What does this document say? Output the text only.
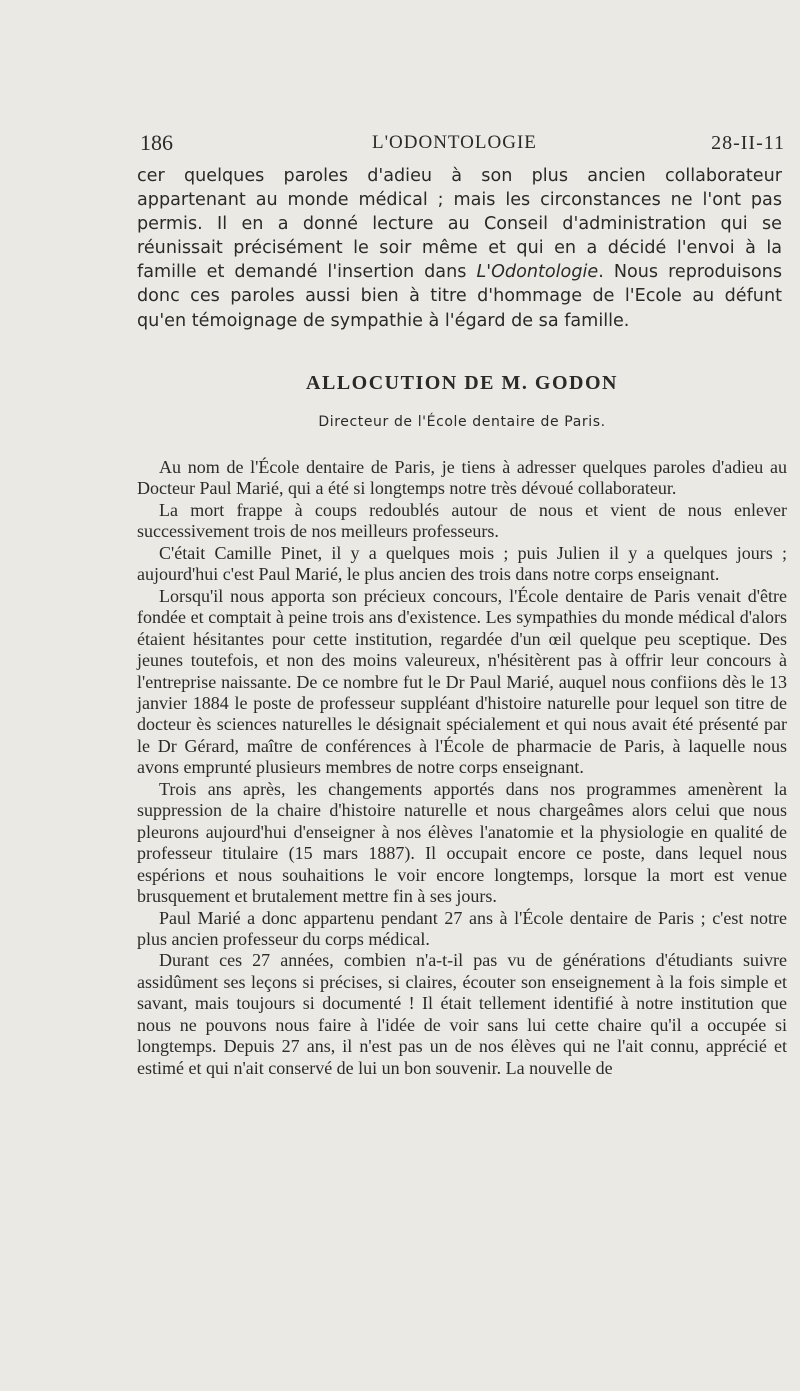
186	L'ODONTOLOGIE	28-II-11

cer quelques paroles d'adieu à son plus ancien collaborateur appartenant au monde médical ; mais les circonstances ne l'ont pas permis. Il en a donné lecture au Conseil d'administration qui se réunissait précisément le soir même et qui en a décidé l'envoi à la famille et demandé l'insertion dans L'Odontologie. Nous reproduisons donc ces paroles aussi bien à titre d'hommage de l'Ecole au défunt qu'en témoignage de sympathie à l'égard de sa famille.

ALLOCUTION DE M. GODON
Directeur de l'École dentaire de Paris.

Au nom de l'École dentaire de Paris, je tiens à adresser quelques paroles d'adieu au Docteur Paul Marié, qui a été si longtemps notre très dévoué collaborateur.

La mort frappe à coups redoublés autour de nous et vient de nous enlever successivement trois de nos meilleurs professeurs.

C'était Camille Pinet, il y a quelques mois ; puis Julien il y a quelques jours ; aujourd'hui c'est Paul Marié, le plus ancien des trois dans notre corps enseignant.

Lorsqu'il nous apporta son précieux concours, l'École dentaire de Paris venait d'être fondée et comptait à peine trois ans d'existence. Les sympathies du monde médical d'alors étaient hésitantes pour cette institution, regardée d'un œil quelque peu sceptique. Des jeunes toutefois, et non des moins valeureux, n'hésitèrent pas à offrir leur concours à l'entreprise naissante. De ce nombre fut le Dr Paul Marié, auquel nous confiions dès le 13 janvier 1884 le poste de professeur suppléant d'histoire naturelle pour lequel son titre de docteur ès sciences naturelles le désignait spécialement et qui nous avait été présenté par le Dr Gérard, maître de conférences à l'École de pharmacie de Paris, à laquelle nous avons emprunté plusieurs membres de notre corps enseignant.

Trois ans après, les changements apportés dans nos programmes amenèrent la suppression de la chaire d'histoire naturelle et nous chargeâmes alors celui que nous pleurons aujourd'hui d'enseigner à nos élèves l'anatomie et la physiologie en qualité de professeur titulaire (15 mars 1887). Il occupait encore ce poste, dans lequel nous espérions et nous souhaitions le voir encore longtemps, lorsque la mort est venue brusquement et brutalement mettre fin à ses jours.

Paul Marié a donc appartenu pendant 27 ans à l'École dentaire de Paris ; c'est notre plus ancien professeur du corps médical.

Durant ces 27 années, combien n'a-t-il pas vu de générations d'étudiants suivre assidûment ses leçons si précises, si claires, écouter son enseignement à la fois simple et savant, mais toujours si documenté ! Il était tellement identifié à notre institution que nous ne pouvons nous faire à l'idée de voir sans lui cette chaire qu'il a occupée si longtemps. Depuis 27 ans, il n'est pas un de nos élèves qui ne l'ait connu, apprécié et estimé et qui n'ait conservé de lui un bon souvenir. La nouvelle de
